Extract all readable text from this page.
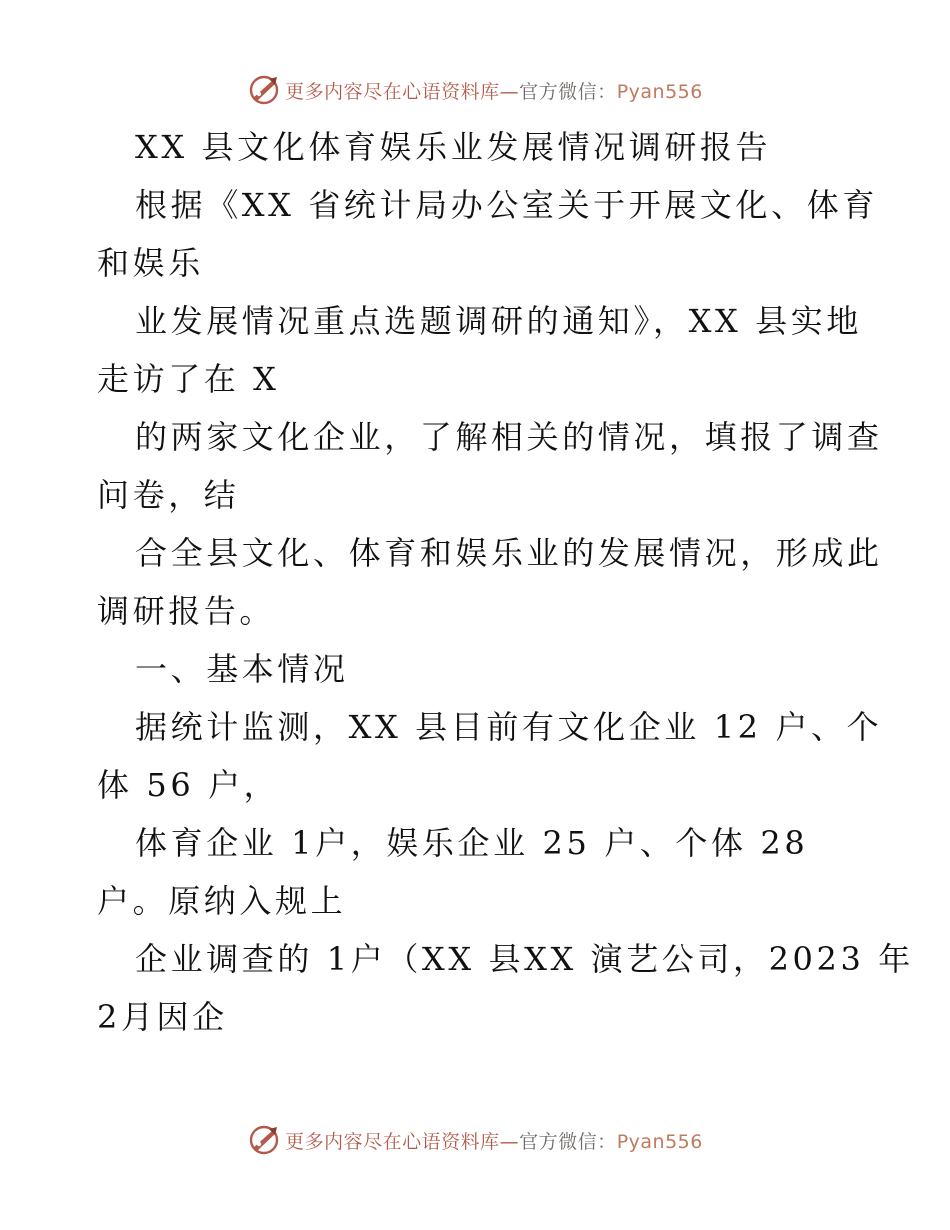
更多内容尽在心语资料库—官方微信：Pyan556
XX 县文化体育娱乐业发展情况调研报告
根据《XX 省统计局办公室关于开展文化、体育
和娱乐
业发展情况重点选题调研的通知》，XX 县实地
走访了在 X
的两家文化企业，了解相关的情况，填报了调查
问卷，结
合全县文化、体育和娱乐业的发展情况，形成此
调研报告。
一、基本情况
据统计监测，XX 县目前有文化企业 12 户、个
体 56 户，
体育企业 1户，娱乐企业 25 户、个体 28
户。原纳入规上
企业调查的 1户（XX 县XX 演艺公司，2023 年
2月因企
更多内容尽在心语资料库—官方微信：Pyan556
